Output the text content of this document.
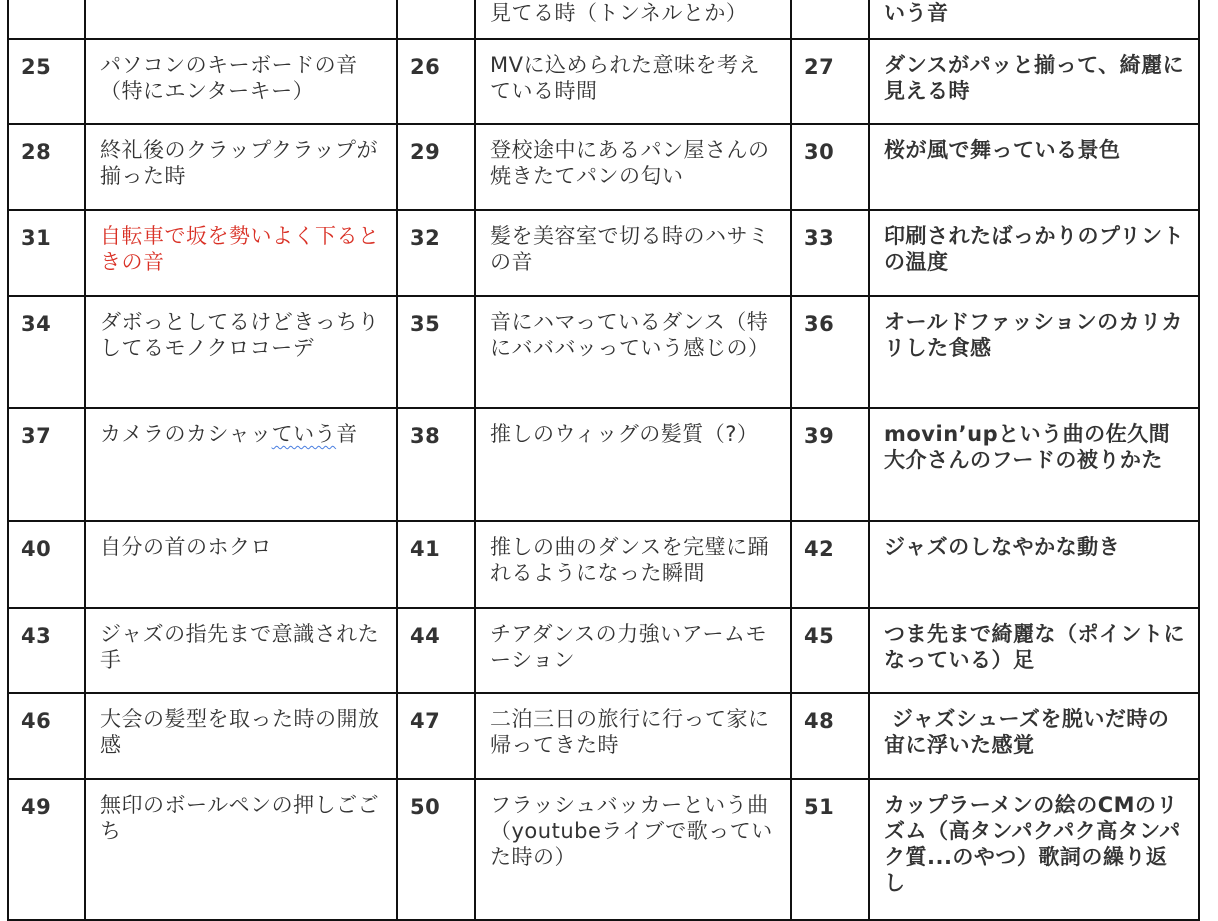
			見てる時（トンネルとか）		いう音

25	パソコンのキーボードの音（特にエンターキー）	26	MVに込められた意味を考えている時間	27	ダンスがパッと揃って、綺麗に見える時

28	終礼後のクラップクラップが揃った時	29	登校途中にあるパン屋さんの焼きたてパンの匂い	30	桜が風で舞っている景色

31	自転車で坂を勢いよく下るときの音	32	髪を美容室で切る時のハサミの音	33	印刷されたばっかりのプリントの温度

34	ダボっとしてるけどきっちりしてるモノクロコーデ	35	音にハマっているダンス（特にバババッっていう感じの）	36	オールドファッションのカリカリした食感

37	カメラのカシャッていう音	38	推しのウィッグの髪質（?）	39	movin’upという曲の佐久間大介さんのフードの被りかた

40	自分の首のホクロ	41	推しの曲のダンスを完璧に踊れるようになった瞬間	42	ジャズのしなやかな動き

43	ジャズの指先まで意識された手	44	チアダンスの力強いアームモーション	45	つま先まで綺麗な（ポイントになっている）足

46	大会の髪型を取った時の開放感	47	二泊三日の旅行に行って家に帰ってきた時	48	ジャズシューズを脱いだ時の宙に浮いた感覚

49	無印のボールペンの押しごごち	50	フラッシュバッカーという曲（youtubeライブで歌っていた時の）	51	カップラーメンの絵のCMのリズム（高タンパクパク高タンパク質...のやつ）歌詞の繰り返し
